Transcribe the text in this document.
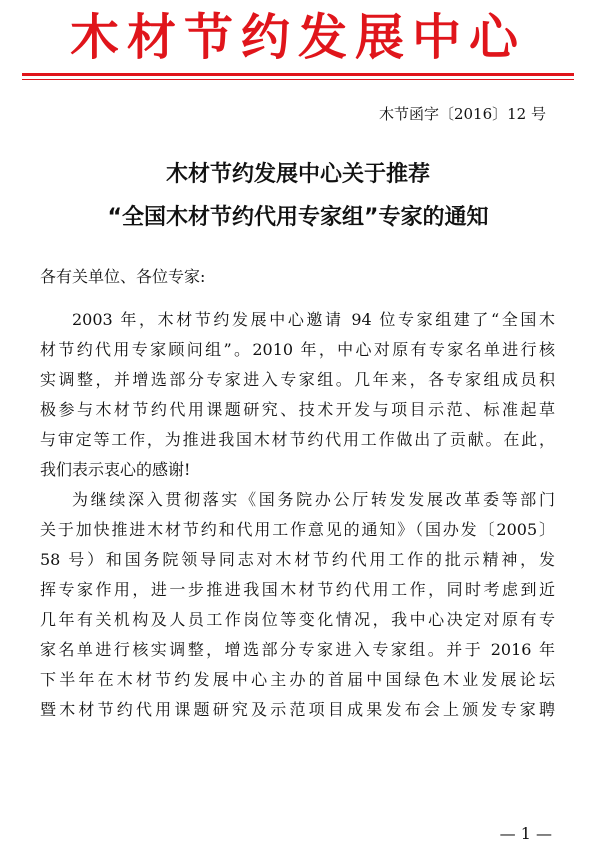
木材节约发展中心
木节函字〔2016〕12 号
木材节约发展中心关于推荐
“全国木材节约代用专家组”专家的通知
各有关单位、各位专家:
2003 年，木材节约发展中心邀请 94 位专家组建了“全国木
材节约代用专家顾问组”。2010 年，中心对原有专家名单进行核
实调整，并增选部分专家进入专家组。几年来，各专家组成员积
极参与木材节约代用课题研究、技术开发与项目示范、标准起草
与审定等工作，为推进我国木材节约代用工作做出了贡献。在此，
我们表示衷心的感谢!
为继续深入贯彻落实《国务院办公厅转发发展改革委等部门
关于加快推进木材节约和代用工作意见的通知》（国办发〔2005〕
58 号）和国务院领导同志对木材节约代用工作的批示精神，发
挥专家作用，进一步推进我国木材节约代用工作，同时考虑到近
几年有关机构及人员工作岗位等变化情况，我中心决定对原有专
家名单进行核实调整，增选部分专家进入专家组。并于 2016 年
下半年在木材节约发展中心主办的首届中国绿色木业发展论坛
暨木材节约代用课题研究及示范项目成果发布会上颁发专家聘
— 1 —
